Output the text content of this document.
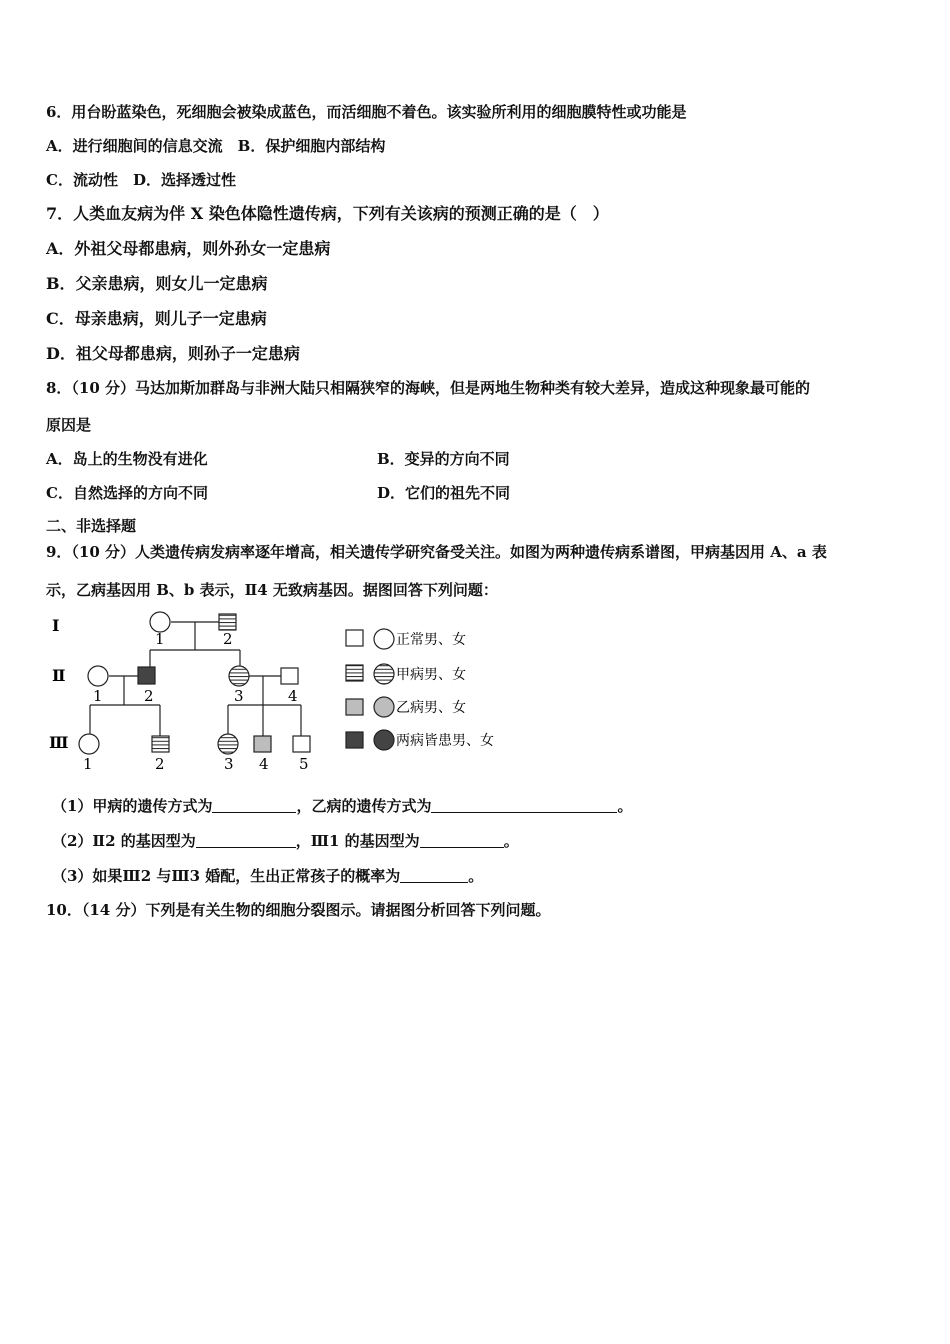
6．用台盼蓝染色，死细胞会被染成蓝色，而活细胞不着色。该实验所利用的细胞膜特性或功能是
A．进行细胞间的信息交流　B．保护细胞内部结构
C．流动性　D．选择透过性
7．人类血友病为伴 X 染色体隐性遗传病，下列有关该病的预测正确的是（　）
A．外祖父母都患病，则外孙女一定患病
B．父亲患病，则女儿一定患病
C．母亲患病，则儿子一定患病
D．祖父母都患病，则孙子一定患病
8．（10 分）马达加斯加群岛与非洲大陆只相隔狭窄的海峡，但是两地生物种类有较大差异，造成这种现象最可能的
原因是
A．岛上的生物没有进化	B．变异的方向不同
C．自然选择的方向不同	D．它们的祖先不同
二、非选择题
9．（10 分）人类遗传病发病率逐年增高，相关遗传学研究备受关注。如图为两种遗传病系谱图，甲病基因用 A、a 表
示，乙病基因用 B、b 表示，Ⅱ4 无致病基因。据图回答下列问题：
Ⅰ
Ⅱ
Ⅲ
1	2
1	2	3	4
1	2	3 4 5
正常男、女
甲病男、女
乙病男、女
两病皆患男、女
（1）甲病的遗传方式为	，乙病的遗传方式为	。
（2）Ⅱ2 的基因型为	，Ⅲ1 的基因型为	。
（3）如果Ⅲ2 与Ⅲ3 婚配，生出正常孩子的概率为	。
10．（14 分）下列是有关生物的细胞分裂图示。请据图分析回答下列问题。
